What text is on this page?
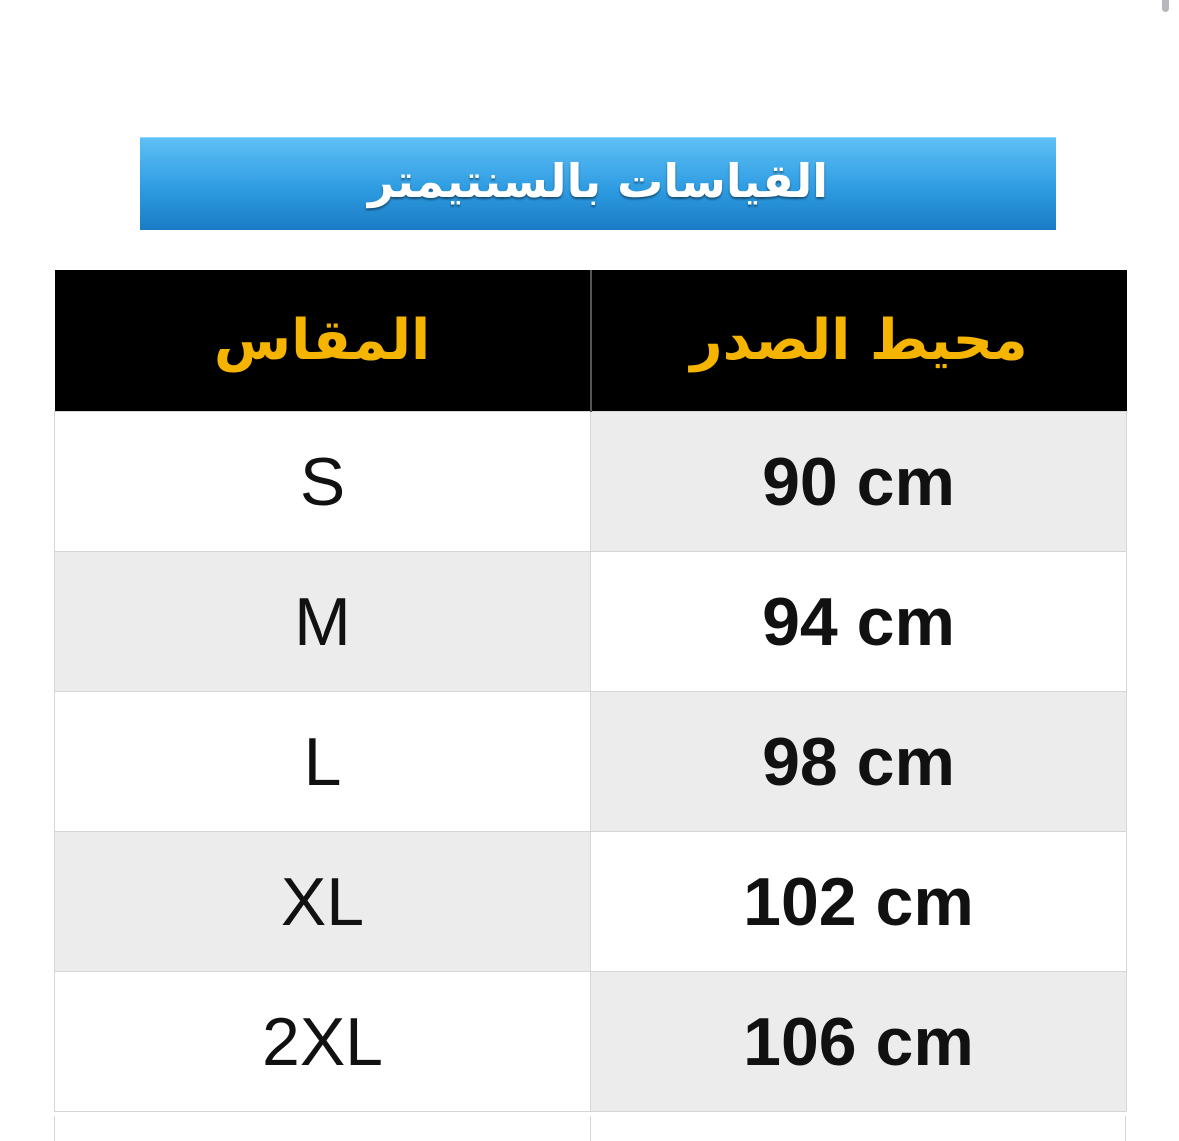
القياسات بالسنتيمتر
المقاس	محيط الصدر
S	90 cm
M	94 cm
L	98 cm
XL	102 cm
2XL	106 cm
